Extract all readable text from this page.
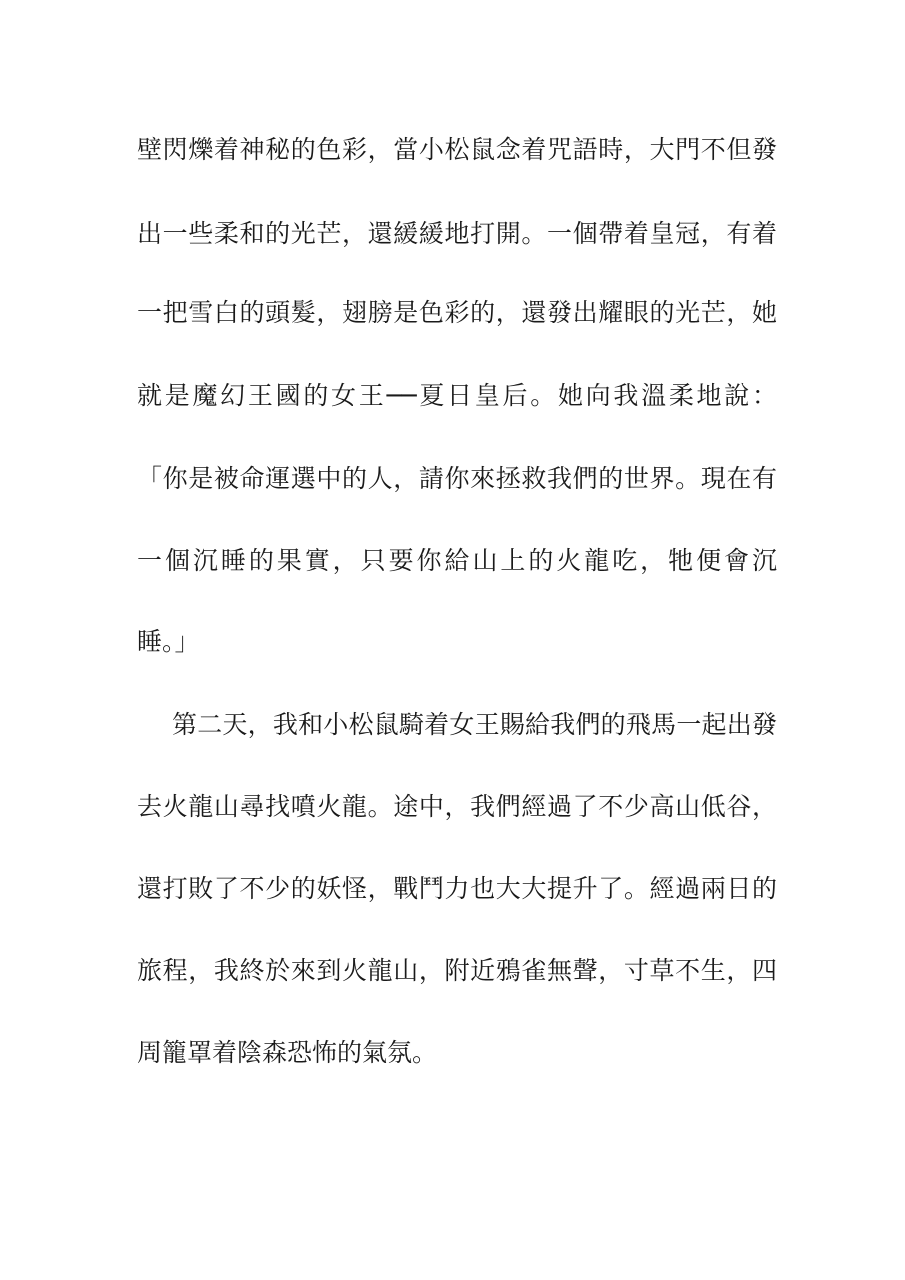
壁閃爍着神秘的色彩，當小松鼠念着咒語時，大門不但發
出一些柔和的光芒，還緩緩地打開。一個帶着皇冠，有着
一把雪白的頭髮，翅膀是色彩的，還發出耀眼的光芒，她
就是魔幻王國的女王──夏日皇后。她向我溫柔地說：
「你是被命運選中的人，請你來拯救我們的世界。現在有
一個沉睡的果實，只要你給山上的火龍吃，牠便會沉
睡。」
第二天，我和小松鼠騎着女王賜給我們的飛馬一起出發
去火龍山尋找噴火龍。途中，我們經過了不少高山低谷，
還打敗了不少的妖怪，戰鬥力也大大提升了。經過兩日的
旅程，我終於來到火龍山，附近鴉雀無聲，寸草不生，四
周籠罩着陰森恐怖的氣氛。
